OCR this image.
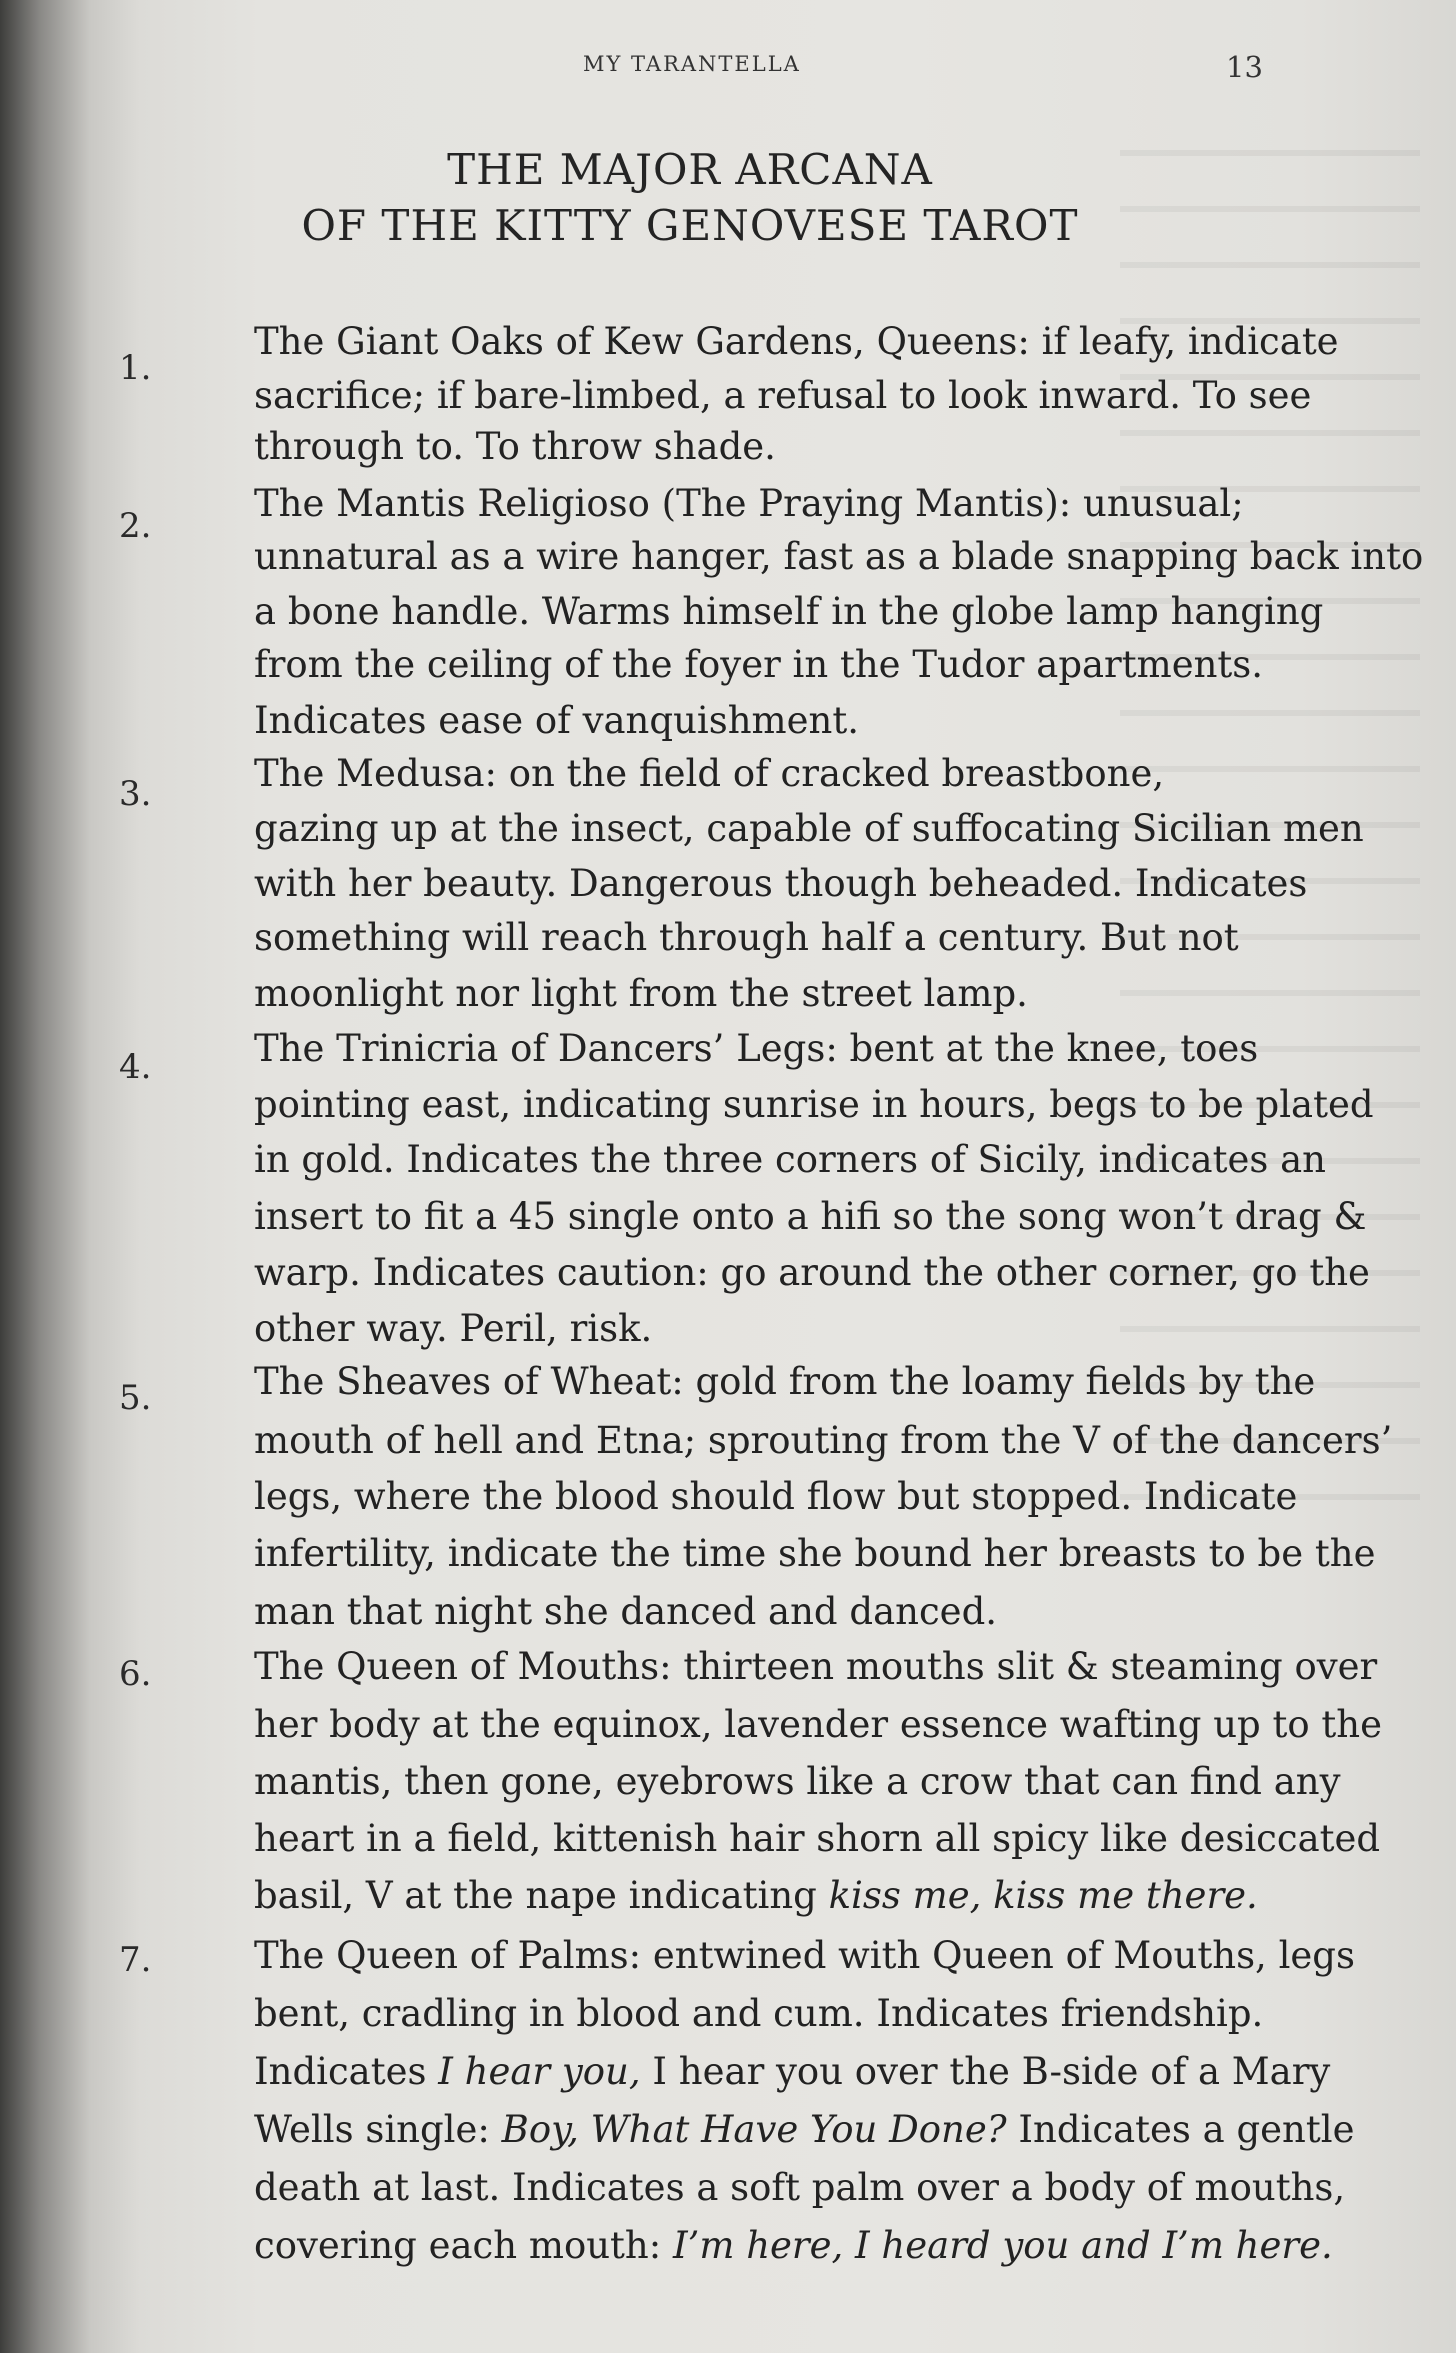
MY TARANTELLA	13
THE MAJOR ARCANA
OF THE KITTY GENOVESE TAROT
1.
The Giant Oaks of Kew Gardens, Queens: if leafy, indicate
sacrifice; if bare-limbed, a refusal to look inward. To see
through to. To throw shade.
2.
The Mantis Religioso (The Praying Mantis): unusual;
unnatural as a wire hanger, fast as a blade snapping back into
a bone handle. Warms himself in the globe lamp hanging
from the ceiling of the foyer in the Tudor apartments.
Indicates ease of vanquishment.
3.	The Medusa: on the field of cracked breastbone,
gazing up at the insect, capable of suffocating Sicilian men
with her beauty. Dangerous though beheaded. Indicates
something will reach through half a century. But not
moonlight nor light from the street lamp.
4.	The Trinicria of Dancers’ Legs: bent at the knee, toes
pointing east, indicating sunrise in hours, begs to be plated
in gold. Indicates the three corners of Sicily, indicates an
insert to fit a 45 single onto a hifi so the song won’t drag &
warp. Indicates caution: go around the other corner, go the
other way. Peril, risk.
5.	The Sheaves of Wheat: gold from the loamy fields by the
mouth of hell and Etna; sprouting from the V of the dancers’
legs, where the blood should flow but stopped. Indicate
infertility, indicate the time she bound her breasts to be the
man that night she danced and danced.
6.	The Queen of Mouths: thirteen mouths slit & steaming over
her body at the equinox, lavender essence wafting up to the
mantis, then gone, eyebrows like a crow that can find any
heart in a field, kittenish hair shorn all spicy like desiccated
basil, V at the nape indicating kiss me, kiss me there.
7.	The Queen of Palms: entwined with Queen of Mouths, legs
bent, cradling in blood and cum. Indicates friendship.
Indicates I hear you, I hear you over the B-side of a Mary
Wells single: Boy, What Have You Done? Indicates a gentle
death at last. Indicates a soft palm over a body of mouths,
covering each mouth: I’m here, I heard you and I’m here.
